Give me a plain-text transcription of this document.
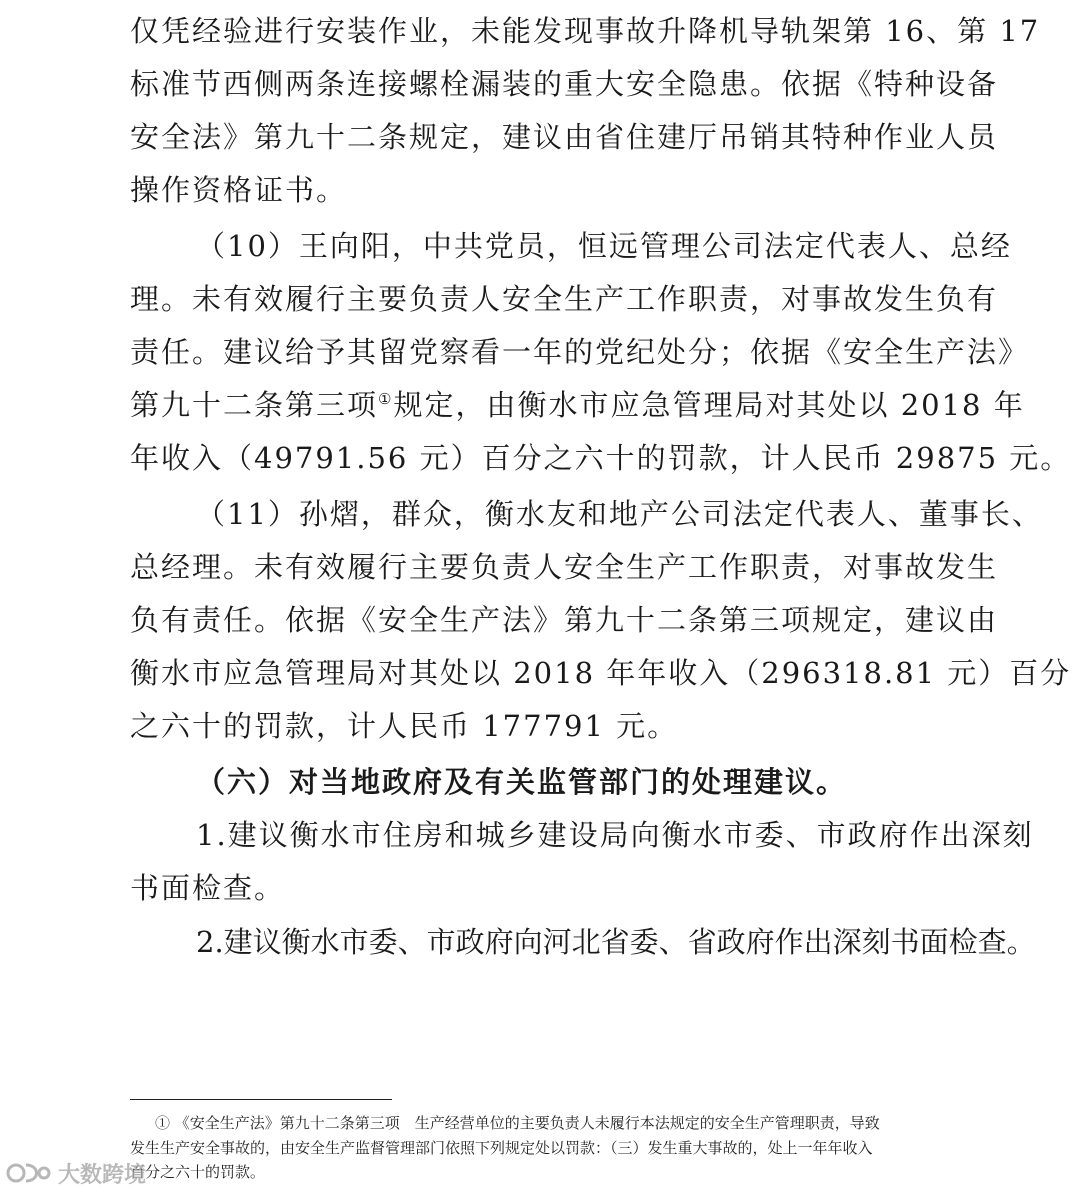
仅凭经验进行安装作业，未能发现事故升降机导轨架第 16、第 17
标准节西侧两条连接螺栓漏装的重大安全隐患。依据《特种设备
安全法》第九十二条规定，建议由省住建厅吊销其特种作业人员
操作资格证书。
（10）王向阳，中共党员，恒远管理公司法定代表人、总经
理。未有效履行主要负责人安全生产工作职责，对事故发生负有
责任。建议给予其留党察看一年的党纪处分；依据《安全生产法》
第九十二条第三项①规定，由衡水市应急管理局对其处以 2018 年
年收入（49791.56 元）百分之六十的罚款，计人民币 29875 元。
（11）孙熠，群众，衡水友和地产公司法定代表人、董事长、
总经理。未有效履行主要负责人安全生产工作职责，对事故发生
负有责任。依据《安全生产法》第九十二条第三项规定，建议由
衡水市应急管理局对其处以 2018 年年收入（296318.81 元）百分
之六十的罚款，计人民币 177791 元。
（六）对当地政府及有关监管部门的处理建议。
1.建议衡水市住房和城乡建设局向衡水市委、市政府作出深刻
书面检查。
2.建议衡水市委、市政府向河北省委、省政府作出深刻书面检查。
① 《安全生产法》第九十二条第三项　生产经营单位的主要负责人未履行本法规定的安全生产管理职责，导致
发生生产安全事故的，由安全生产监督管理部门依照下列规定处以罚款：（三）发生重大事故的，处上一年年收入
百分之六十的罚款。
大数跨境
